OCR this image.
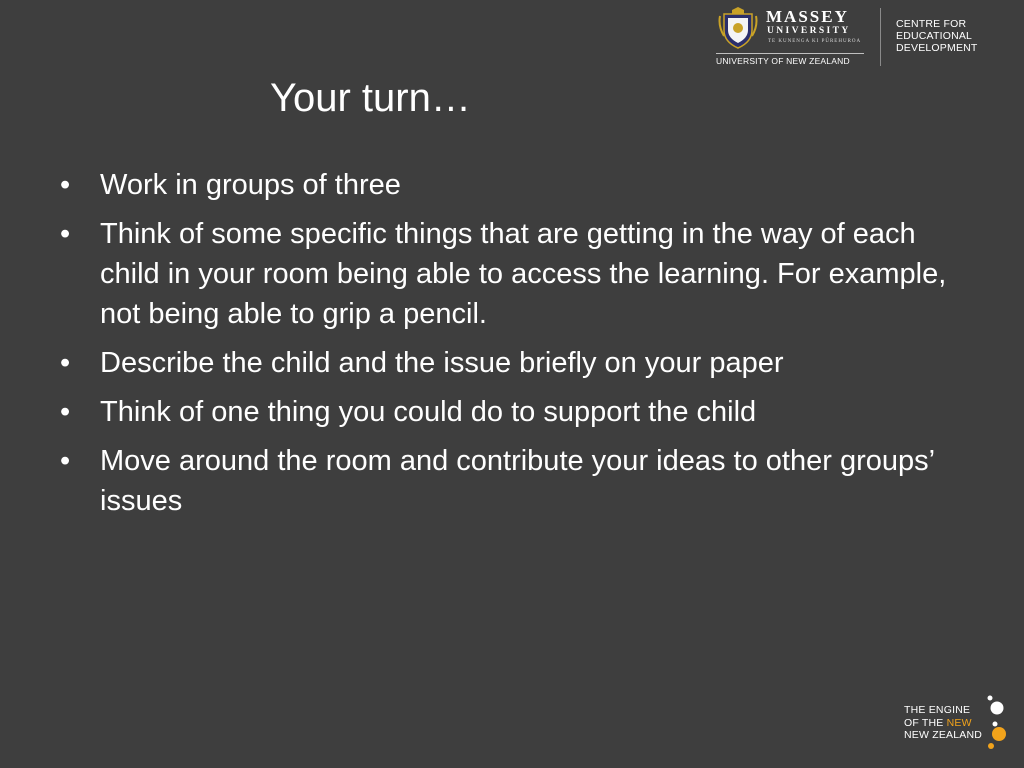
MASSEY
UNIVERSITY
TE KUNENGA KI PŪREHUROA
UNIVERSITY OF NEW ZEALAND
CENTRE FOR
EDUCATIONAL
DEVELOPMENT
Your turn…
• Work in groups of three
• Think of some specific things that are getting in the way of each child in your room being able to access the learning. For example, not being able to grip a pencil.
• Describe the child and the issue briefly on your paper
• Think of one thing you could do to support the child
• Move around the room and contribute your ideas to other groups’ issues
THE ENGINE
OF THE NEW
NEW ZEALAND
